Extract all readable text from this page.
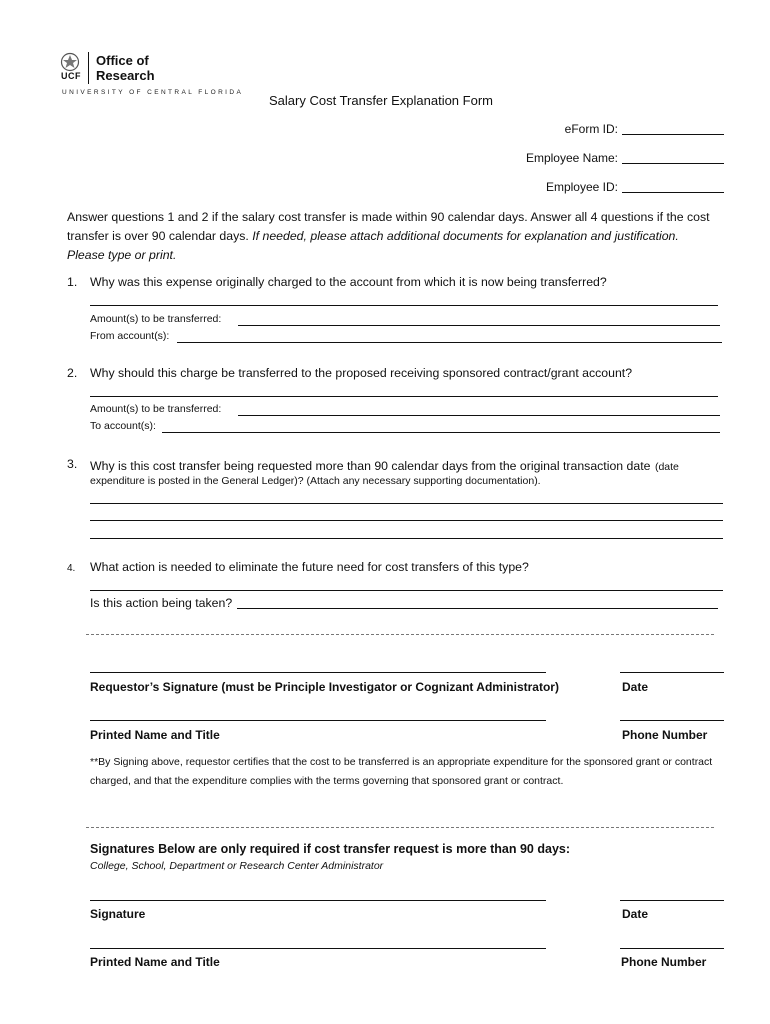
UCF
Office of
Research
UNIVERSITY OF CENTRAL FLORIDA
Salary Cost Transfer Explanation Form
eForm ID:
Employee Name:
Employee ID:
Answer questions 1 and 2 if the salary cost transfer is made within 90 calendar days. Answer all 4 questions if the cost transfer is over 90 calendar days. If needed, please attach additional documents for explanation and justification. Please type or print.
1. Why was this expense originally charged to the account from which it is now being transferred?
Amount(s) to be transferred:
From account(s):
2. Why should this charge be transferred to the proposed receiving sponsored contract/grant account?
Amount(s) to be transferred:
To account(s):
3. Why is this cost transfer being requested more than 90 calendar days from the original transaction date (date
expenditure is posted in the General Ledger)? (Attach any necessary supporting documentation).
4. What action is needed to eliminate the future need for cost transfers of this type?
Is this action being taken?
Requestor’s Signature (must be Principle Investigator or Cognizant Administrator)	Date
Printed Name and Title	Phone Number
**By Signing above, requestor certifies that the cost to be transferred is an appropriate expenditure for the sponsored grant or contract charged, and that the expenditure complies with the terms governing that sponsored grant or contract.
Signatures Below are only required if cost transfer request is more than 90 days:
College, School, Department or Research Center Administrator
Signature	Date
Printed Name and Title	Phone Number
